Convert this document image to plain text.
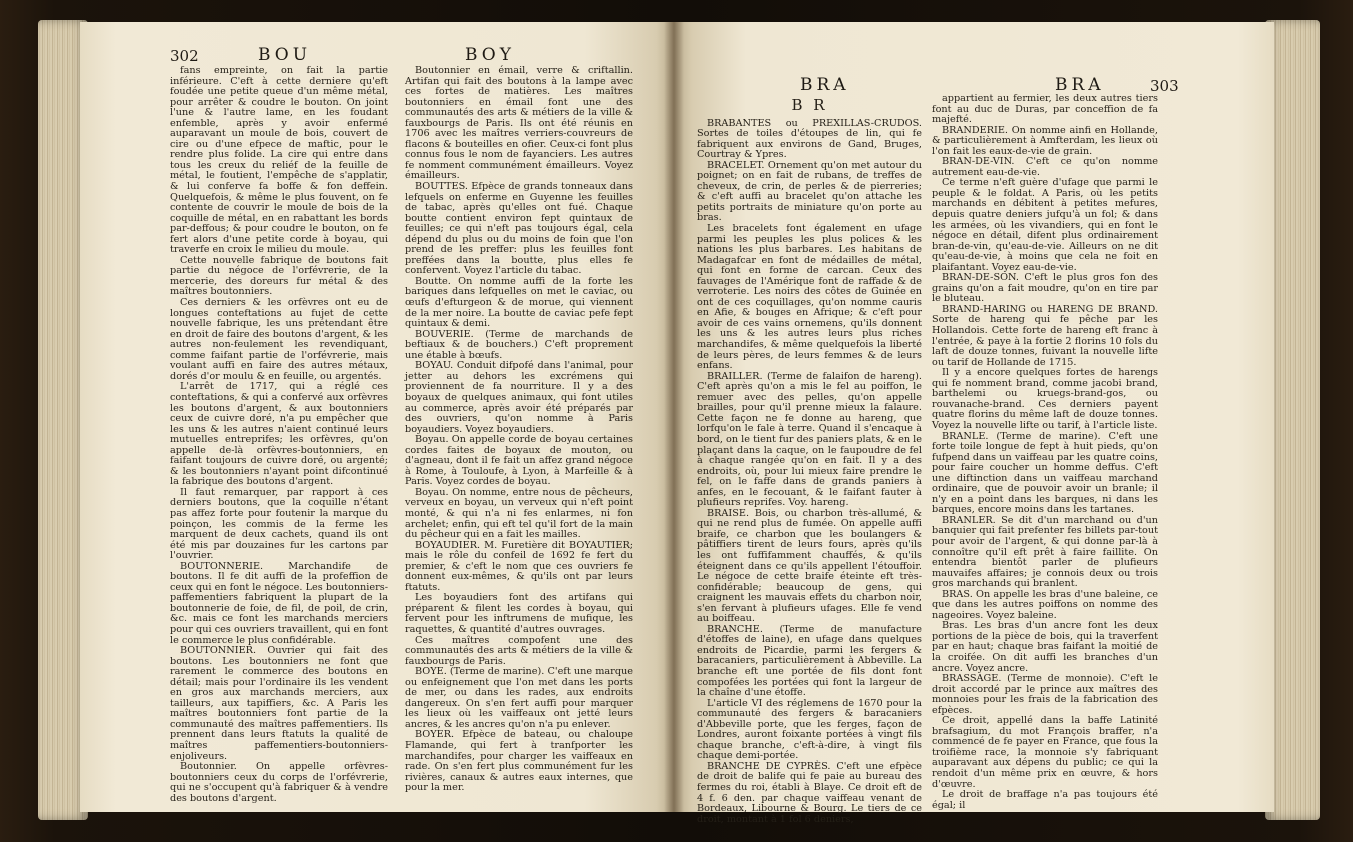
302	BOU	BOY
BRA	BRA	303

fans empreinte, on fait la partie inférieure. C'eft à cette derniere qu'eft foudée une petite queue d'un même métal, pour arrêter & coudre le bouton. On joint l'une & l'autre lame, en les foudant enfemble, après y avoir enfermé auparavant un moule de bois, couvert de cire ou d'une efpece de maftic, pour le rendre plus folide. La cire qui entre dans tous les creux du reliéf de la feuille de métal, le foutient, l'empêche de s'applatir, & lui conferve fa boffe & fon deffein. Quelquefois, & même le plus fouvent, on fe contente de couvrir le moule de bois de la coquille de métal, en en rabattant les bords par-deffous; & pour coudre le bouton, on fe fert alors d'une petite corde à boyau, qui traverfe en croix le milieu du moule.

Cette nouvelle fabrique de boutons fait partie du négoce de l'orfévrerie, de la mercerie, des doreurs fur métal & des maîtres boutonniers.

Ces derniers & les orfèvres ont eu de longues conteftations au fujet de cette nouvelle fabrique, les uns prétendant être en droit de faire des boutons d'argent, & les autres non-feulement les revendiquant, comme faifant partie de l'orfévrerie, mais voulant auffi en faire des autres métaux, dorés d'or moulu & en feuille, ou argentés.

L'arrêt de 1717, qui a réglé ces conteftations, & qui a confervé aux orfèvres les boutons d'argent, & aux boutonniers ceux de cuivre doré, n'a pu empêcher que les uns & les autres n'aient continué leurs mutuelles entreprifes; les orfèvres, qu'on appelle de-là orfèvres-boutonniers, en faifant toujours de cuivre doré, ou argenté; & les boutonniers n'ayant point difcontinué la fabrique des boutons d'argent.

Il faut remarquer, par rapport à ces derniers boutons, que la coquille n'étant pas affez forte pour foutenir la marque du poinçon, les commis de la ferme les marquent de deux cachets, quand ils ont été mis par douzaines fur les cartons par l'ouvrier.

BOUTONNERIE. Marchandife de boutons. Il fe dit auffi de la profeffion de ceux qui en font le négoce. Les boutonniers-paffementiers fabriquent la plupart de la boutonnerie de foie, de fil, de poil, de crin, &c. mais ce font les marchands merciers pour qui ces ouvriers travaillent, qui en font le commerce le plus confidérable.

BOUTONNIER. Ouvrier qui fait des boutons. Les boutonniers ne font que rarement le commerce des boutons en détail; mais pour l'ordinaire ils les vendent en gros aux marchands merciers, aux tailleurs, aux tapiffiers, &c. A Paris les maîtres boutonniers font partie de la communauté des maîtres paffementiers. Ils prennent dans leurs ftatuts la qualité de maîtres paffementiers-boutonniers-enjoliveurs.

Boutonnier. On appelle orfèvres-boutonniers ceux du corps de l'orfévrerie, qui ne s'occupent qu'à fabriquer & à vendre des boutons d'argent.

Boutonnier en émail, verre & criftallin. Artifan qui fait des boutons à la lampe avec ces fortes de matières. Les maîtres boutonniers en émail font une des communautés des arts & métiers de la ville & fauxbourgs de Paris. Ils ont été réunis en 1706 avec les maîtres verriers-couvreurs de flacons & bouteilles en ofier. Ceux-ci font plus connus fous le nom de fayanciers. Les autres fe nomment communément émailleurs. Voyez émailleurs.

BOUTTES. Efpèce de grands tonneaux dans lefquels on enferme en Guyenne les feuilles de tabac, après qu'elles ont fué. Chaque boutte contient environ fept quintaux de feuilles; ce qui n'eft pas toujours égal, cela dépend du plus ou du moins de foin que l'on prend de les preffer: plus les feuilles font preffées dans la boutte, plus elles fe confervent. Voyez l'article du tabac.

Boutte. On nomme auffi de la forte les bariques dans lefquelles on met le caviac, ou œufs d'efturgeon & de morue, qui viennent de la mer noire. La boutte de caviac pefe fept quintaux & demi.

BOUVERIE. (Terme de marchands de beftiaux & de bouchers.) C'eft proprement une étable à bœufs.

BOYAU. Conduit difpofé dans l'animal, pour jetter au dehors les excrémens qui proviennent de fa nourriture. Il y a des boyaux de quelques animaux, qui font utiles au commerce, après avoir été préparés par des ouvriers, qu'on nomme à Paris boyaudiers. Voyez boyaudiers.

Boyau. On appelle corde de boyau certaines cordes faites de boyaux de mouton, ou d'agneau, dont il fe fait un affez grand négoce à Rome, à Touloufe, à Lyon, à Marfeille & à Paris. Voyez cordes de boyau.

Boyau. On nomme, entre nous de pêcheurs, verveux en boyau, un verveux qui n'eft point monté, & qui n'a ni fes enlarmes, ni fon archelet; enfin, qui eft tel qu'il fort de la main du pêcheur qui en a fait les mailles.

BOYAUDIER. M. Furetière dit BOYAUTIER; mais le rôle du confeil de 1692 fe fert du premier, & c'eft le nom que ces ouvriers fe donnent eux-mêmes, & qu'ils ont par leurs ftatuts.

Les boyaudiers font des artifans qui préparent & filent les cordes à boyau, qui fervent pour les inftrumens de mufique, les raquettes, & quantité d'autres ouvrages.

Ces maîtres compofent une des communautés des arts & métiers de la ville & fauxbourgs de Paris.

BOYE. (Terme de marine). C'eft une marque ou enfeignement que l'on met dans les ports de mer, ou dans les rades, aux endroits dangereux. On s'en fert auffi pour marquer les lieux où les vaiffeaux ont jetté leurs ancres, & les ancres qu'on n'a pu enlever.

BOYER. Efpèce de bateau, ou chaloupe Flamande, qui fert à tranfporter les marchandifes, pour charger les vaiffeaux en rade. On s'en fert plus communément fur les rivières, canaux & autres eaux internes, que pour la mer.

B R

BRABANTES ou PREXILLAS-CRUDOS. Sortes de toiles d'étoupes de lin, qui fe fabriquent aux environs de Gand, Bruges, Courtray & Ypres.

BRACELET. Ornement qu'on met autour du poignet; on en fait de rubans, de treffes de cheveux, de crin, de perles & de pierreries; & c'eft auffi au bracelet qu'on attache les petits portraits de miniature qu'on porte au bras.

Les bracelets font également en ufage parmi les peuples les plus polices & les nations les plus barbares. Les habitans de Madagafcar en font de médailles de métal, qui font en forme de carcan. Ceux des fauvages de l'Amérique font de raffade & de verroterie. Les noirs des côtes de Guinée en ont de ces coquillages, qu'on nomme cauris en Afie, & bouges en Afrique; & c'eft pour avoir de ces vains ornemens, qu'ils donnent les uns & les autres leurs plus riches marchandifes, & même quelquefois la liberté de leurs pères, de leurs femmes & de leurs enfans.

BRAILLER. (Terme de falaifon de hareng). C'eft après qu'on a mis le fel au poiffon, le remuer avec des pelles, qu'on appelle brailles, pour qu'il prenne mieux la falaure. Cette façon ne fe donne au hareng, que lorfqu'on le fale à terre. Quand il s'encaque à bord, on le tient fur des paniers plats, & en le plaçant dans la caque, on le faupoudre de fel à chaque rangée qu'on en fait. Il y a des endroits, où, pour lui mieux faire prendre le fel, on le faffe dans de grands paniers à anfes, en le fecouant, & le faifant fauter à plufieurs reprifes. Voy. hareng.

BRAISE. Bois, ou charbon très-allumé, & qui ne rend plus de fumée. On appelle auffi braife, ce charbon que les boulangers & pâtiffiers tirent de leurs fours, après qu'ils les ont fuffifamment chauffés, & qu'ils éteignent dans ce qu'ils appellent l'étouffoir. Le négoce de cette braife éteinte eft très-confidérable; beaucoup de gens, qui craignent les mauvais effets du charbon noir, s'en fervant à plufieurs ufages. Elle fe vend au boiffeau.

BRANCHE. (Terme de manufacture d'étoffes de laine), en ufage dans quelques endroits de Picardie, parmi les fergers & baracaniers, particulièrement à Abbeville. La branche eft une portée de fils dont font compofées les portées qui font la largeur de la chaîne d'une étoffe.

L'article VI des réglemens de 1670 pour la communauté des fergers & baracaniers d'Abbeville porte, que les ferges, façon de Londres, auront foixante portées à vingt fils chaque branche, c'eft-à-dire, à vingt fils chaque demi-portée.

BRANCHE DE CYPRÈS. C'eft une efpèce de droit de balife qui fe paie au bureau des fermes du roi, établi à Blaye. Ce droit eft de 4 f. 6 den. par chaque vaiffeau venant de Bordeaux, Libourne & Bourg. Le tiers de ce droit, montant à 1 fol 6 deniers,

appartient au fermier, les deux autres tiers font au duc de Duras, par conceffion de fa majefté.

BRANDERIE. On nomme ainfi en Hollande, & particulièrement à Amfterdam, les lieux où l'on fait les eaux-de-vie de grain.

BRAN-DE-VIN. C'eft ce qu'on nomme autrement eau-de-vie.

Ce terme n'eft guère d'ufage que parmi le peuple & le foldat. A Paris, où les petits marchands en débitent à petites mefures, depuis quatre deniers jufqu'à un fol; & dans les armées, où les vivandiers, qui en font le négoce en détail, difent plus ordinairement bran-de-vin, qu'eau-de-vie. Ailleurs on ne dit qu'eau-de-vie, à moins que cela ne foit en plaifantant. Voyez eau-de-vie.

BRAN-DE-SON. C'eft le plus gros fon des grains qu'on a fait moudre, qu'on en tire par le bluteau.

BRAND-HARING ou HARENG DE BRAND. Sorte de hareng qui fe pêche par les Hollandois. Cette forte de hareng eft franc à l'entrée, & paye à la fortie 2 florins 10 fols du laft de douze tonnes, fuivant la nouvelle lifte ou tarif de Hollande de 1715.

Il y a encore quelques fortes de harengs qui fe nomment brand, comme jacobi brand, barthelemi ou kruegs-brand-gos, ou rouvanache-brand. Ces derniers payent quatre florins du même laft de douze tonnes. Voyez la nouvelle lifte ou tarif, à l'article liste.

BRANLE. (Terme de marine). C'eft une forte toile longue de fept à huit pieds, qu'on fufpend dans un vaiffeau par les quatre coins, pour faire coucher un homme deffus. C'eft une diftinction dans un vaiffeau marchand ordinaire, que de pouvoir avoir un branle; il n'y en a point dans les barques, ni dans les barques, encore moins dans les tartanes.

BRANLER. Se dit d'un marchand ou d'un banquier qui fait prefenter fes billets par-tout pour avoir de l'argent, & qui donne par-là à connoître qu'il eft prêt à faire faillite. On entendra bientôt parler de plufieurs mauvaifes affaires; je connois deux ou trois gros marchands qui branlent.

BRAS. On appelle les bras d'une baleine, ce que dans les autres poiffons on nomme des nageoires. Voyez baleine.

Bras. Les bras d'un ancre font les deux portions de la pièce de bois, qui la traverfent par en haut; chaque bras faifant la moitié de la croifée. On dit auffi les branches d'un ancre. Voyez ancre.

BRASSAGE. (Terme de monnoie). C'eft le droit accordé par le prince aux maîtres des monnoies pour les frais de la fabrication des efpèces.

Ce droit, appellé dans la baffe Latinité brafsagium, du mot François braffer, n'a commencé de fe payer en France, que fous la troifième race, la monnoie s'y fabriquant auparavant aux dépens du public; ce qui la rendoit d'un même prix en œuvre, & hors d'œuvre.

Le droit de braffage n'a pas toujours été égal; il
